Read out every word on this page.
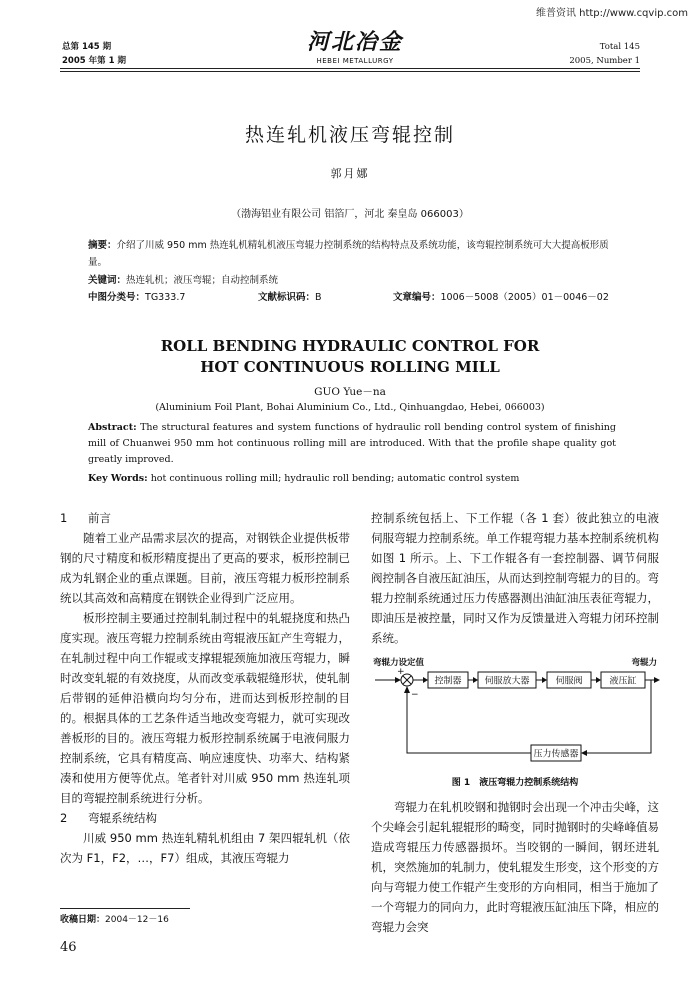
维普资讯 http://www.cqvip.com
总第 145 期
2005 年第 1 期
河北冶金
HEBEI METALLURGY
Total 145
2005, Number 1
热连轧机液压弯辊控制
郭月娜
（渤海铝业有限公司 铝箔厂，河北 秦皇岛 066003）
摘要：介绍了川威 950 mm 热连轧机精轧机液压弯辊力控制系统的结构特点及系统功能，该弯辊控制系统可大大提高板形质量。
关键词：热连轧机；液压弯辊；自动控制系统
中图分类号：TG333.7	文献标识码：B	文章编号：1006－5008（2005）01－0046－02
ROLL BENDING HYDRAULIC CONTROL FOR
HOT CONTINUOUS ROLLING MILL
GUO Yue－na
(Aluminium Foil Plant, Bohai Aluminium Co., Ltd., Qinhuangdao, Hebei, 066003)
Abstract: The structural features and system functions of hydraulic roll bending control system of finishing mill of Chuanwei 950 mm hot continuous rolling mill are introduced. With that the profile shape quality got greatly improved.
Key Words: hot continuous rolling mill; hydraulic roll bending; automatic control system
1 前言

随着工业产品需求层次的提高，对钢铁企业提供板带钢的尺寸精度和板形精度提出了更高的要求，板形控制已成为轧钢企业的重点课题。目前，液压弯辊力板形控制系统以其高效和高精度在钢铁企业得到广泛应用。

板形控制主要通过控制轧制过程中的轧辊挠度和热凸度实现。液压弯辊力控制系统由弯辊液压缸产生弯辊力，在轧制过程中向工作辊或支撑辊辊颈施加液压弯辊力，瞬时改变轧辊的有效挠度，从而改变承载辊缝形状，使轧制后带钢的延伸沿横向均匀分布，进而达到板形控制的目的。根据具体的工艺条件适当地改变弯辊力，就可实现改善板形的目的。液压弯辊力板形控制系统属于电液伺服力控制系统，它具有精度高、响应速度快、功率大、结构紧凑和使用方便等优点。笔者针对川威 950 mm 热连轧项目的弯辊控制系统进行分析。

2 弯辊系统结构

川威 950 mm 热连轧精轧机组由 7 架四辊轧机（依次为 F1，F2，…，F7）组成，其液压弯辊力

控制系统包括上、下工作辊（各 1 套）彼此独立的电液伺服弯辊力控制系统。单工作辊弯辊力基本控制系统机构如图 1 所示。上、下工作辊各有一套控制器、调节伺服阀控制各自液压缸油压，从而达到控制弯辊力的目的。弯辊力控制系统通过压力传感器测出油缸油压表征弯辊力，即油压是被控量，同时又作为反馈量进入弯辊力闭环控制系统。

弯辊力设定值	弯辊力
+
−
控制器	伺服放大器	伺服阀	液压缸
压力传感器
图 1　液压弯辊力控制系统结构

弯辊力在轧机咬钢和抛钢时会出现一个冲击尖峰，这个尖峰会引起轧辊辊形的畸变，同时抛钢时的尖峰峰值易造成弯辊压力传感器损坏。当咬钢的一瞬间，钢坯进轧机，突然施加的轧制力，使轧辊发生形变，这个形变的方向与弯辊力使工作辊产生变形的方向相同，相当于施加了一个弯辊力的同向力，此时弯辊液压缸油压下降，相应的弯辊力会突

收稿日期：2004－12－16
46
